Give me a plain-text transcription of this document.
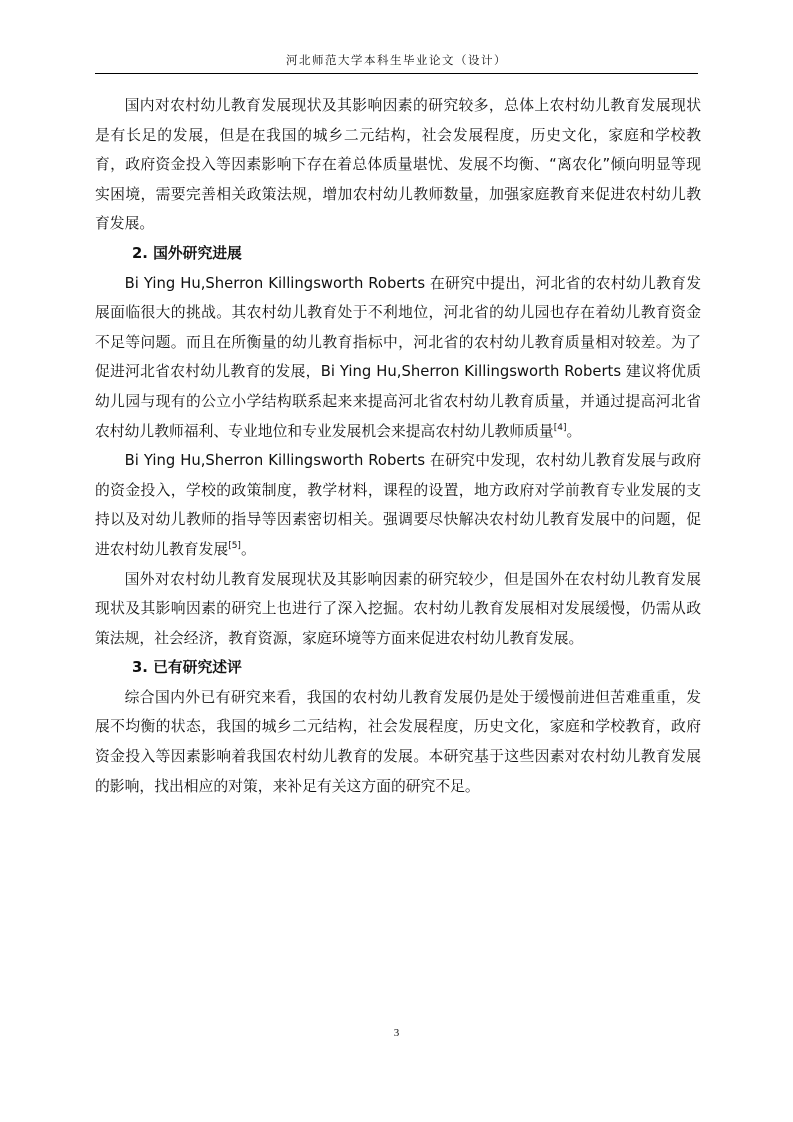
河北师范大学本科生毕业论文（设计）

国内对农村幼儿教育发展现状及其影响因素的研究较多，总体上农村幼儿教育发展现状是有长足的发展，但是在我国的城乡二元结构，社会发展程度，历史文化，家庭和学校教育，政府资金投入等因素影响下存在着总体质量堪忧、发展不均衡、“离农化”倾向明显等现实困境，需要完善相关政策法规，增加农村幼儿教师数量，加强家庭教育来促进农村幼儿教育发展。

2. 国外研究进展

Bi Ying Hu,Sherron Killingsworth Roberts 在研究中提出，河北省的农村幼儿教育发展面临很大的挑战。其农村幼儿教育处于不利地位，河北省的幼儿园也存在着幼儿教育资金不足等问题。而且在所衡量的幼儿教育指标中，河北省的农村幼儿教育质量相对较差。为了促进河北省农村幼儿教育的发展，Bi Ying Hu,Sherron Killingsworth Roberts 建议将优质幼儿园与现有的公立小学结构联系起来来提高河北省农村幼儿教育质量，并通过提高河北省农村幼儿教师福利、专业地位和专业发展机会来提高农村幼儿教师质量[4]。

Bi Ying Hu,Sherron Killingsworth Roberts 在研究中发现，农村幼儿教育发展与政府的资金投入，学校的政策制度，教学材料，课程的设置，地方政府对学前教育专业发展的支持以及对幼儿教师的指导等因素密切相关。强调要尽快解决农村幼儿教育发展中的问题，促进农村幼儿教育发展[5]。

国外对农村幼儿教育发展现状及其影响因素的研究较少，但是国外在农村幼儿教育发展现状及其影响因素的研究上也进行了深入挖掘。农村幼儿教育发展相对发展缓慢，仍需从政策法规，社会经济，教育资源，家庭环境等方面来促进农村幼儿教育发展。

3. 已有研究述评

综合国内外已有研究来看，我国的农村幼儿教育发展仍是处于缓慢前进但苦难重重，发展不均衡的状态，我国的城乡二元结构，社会发展程度，历史文化，家庭和学校教育，政府资金投入等因素影响着我国农村幼儿教育的发展。本研究基于这些因素对农村幼儿教育发展的影响，找出相应的对策，来补足有关这方面的研究不足。

3
